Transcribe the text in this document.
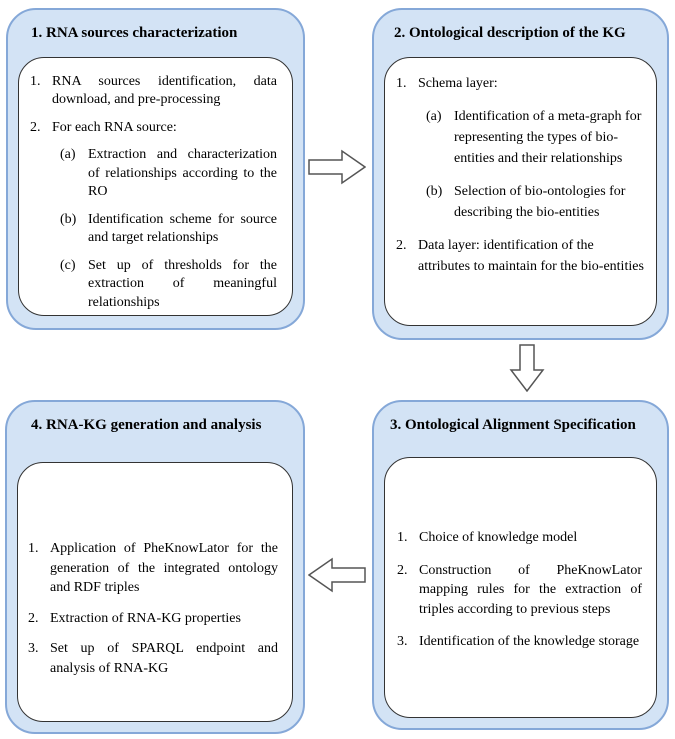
1. RNA sources characterization
1. RNA sources identification, data download, and pre-processing
2. For each RNA source:
(a) Extraction and characterization of relationships according to the RO
(b) Identification scheme for source and target relationships
(c) Set up of thresholds for the extraction of meaningful relationships
2. Ontological description of the KG
1. Schema layer:
(a) Identification of a meta-graph for representing the types of bio-entities and their relationships
(b) Selection of bio-ontologies for describing the bio-entities
2. Data layer: identification of the attributes to maintain for the bio-entities
3. Ontological Alignment Specification
1. Choice of knowledge model
2. Construction of PheKnowLator mapping rules for the extraction of triples according to previous steps
3. Identification of the knowledge storage
4. RNA-KG generation and analysis
1. Application of PheKnowLator for the generation of the integrated ontology and RDF triples
2. Extraction of RNA-KG properties
3. Set up of SPARQL endpoint and analysis of RNA-KG
